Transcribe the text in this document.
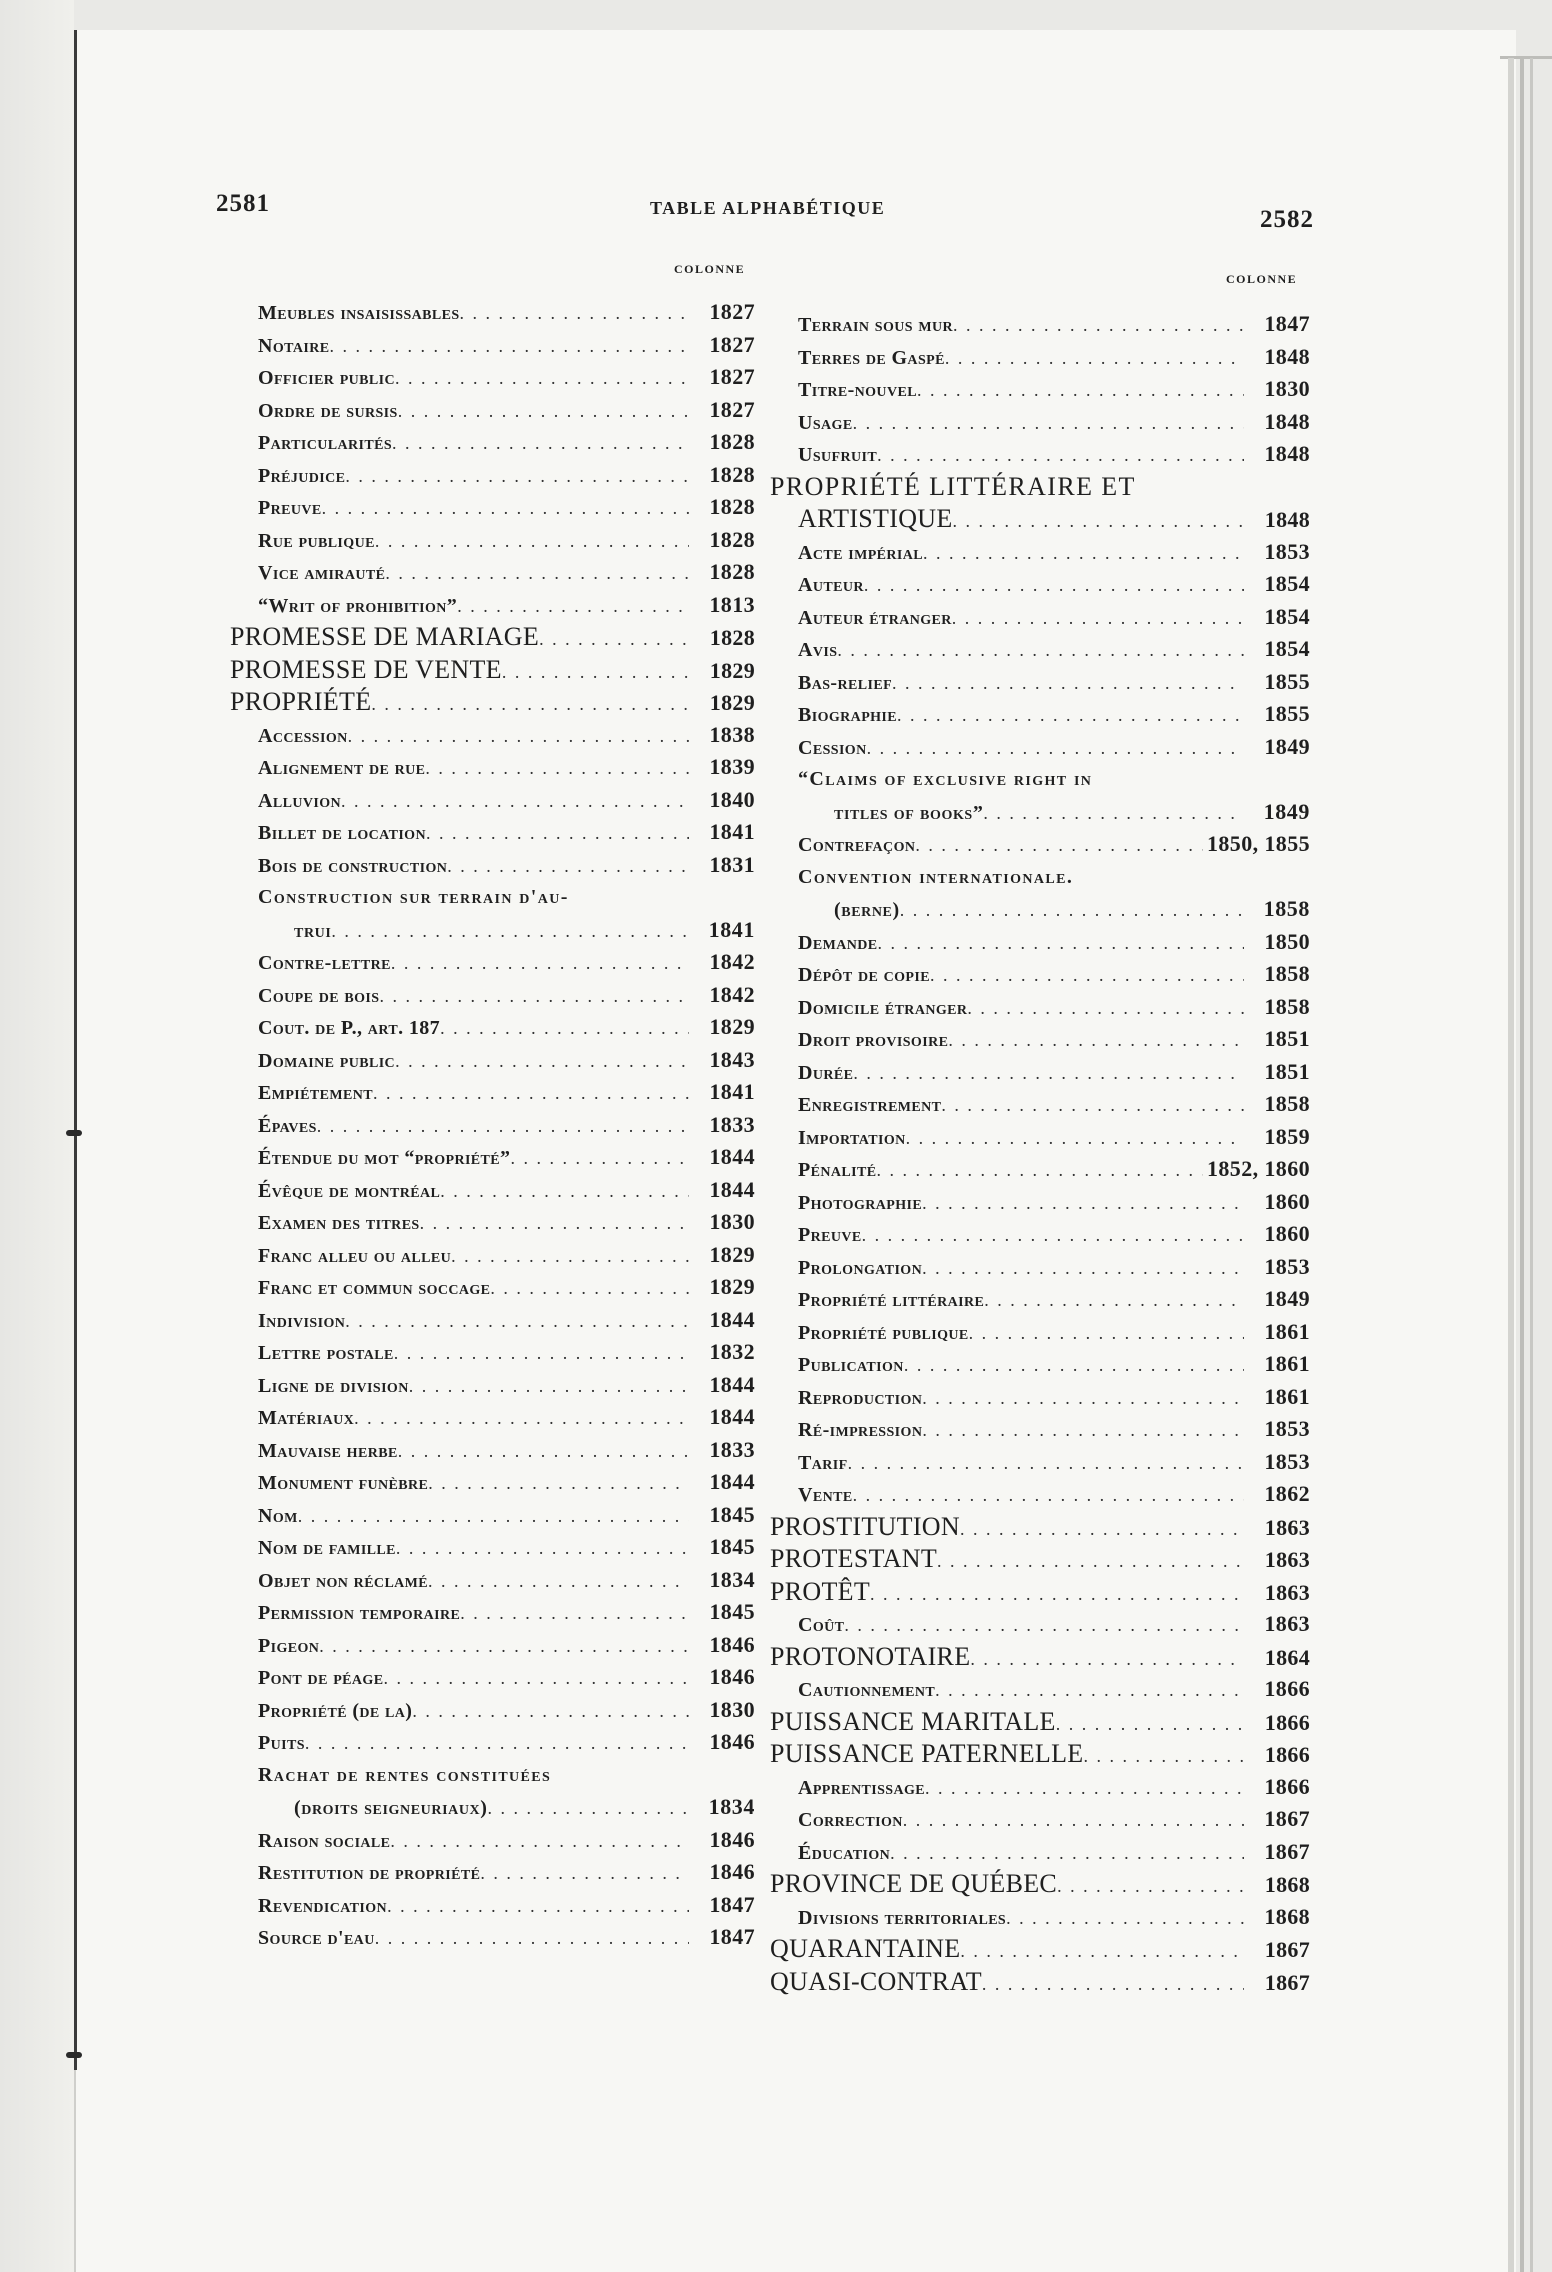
2581	TABLE ALPHABÉTIQUE	2582
COLONNE
COLONNE
Meubles insaisissables . . .	1827
Notaire . . .	1827
Officier public . . .	1827
Ordre de sursis . . .	1827
Particularités . . .	1828
Préjudice . . .	1828
Preuve . . .	1828
Rue publique . . .	1828
Vice amirauté . . .	1828
“Writ of prohibition” . . .	1813
PROMESSE DE MARIAGE . . .	1828
PROMESSE DE VENTE . . .	1829
PROPRIÉTÉ . . .	1829
Accession . . .	1838
Alignement de rue . . .	1839
Alluvion . . .	1840
Billet de location . . .	1841
Bois de construction . . .	1831
Construction sur terrain d'au-
trui . . .	1841
Contre-lettre . . .	1842
Coupe de bois . . .	1842
Cout. de P., art. 187 . . .	1829
Domaine public . . .	1843
Empiétement . . .	1841
Épaves . . .	1833
Étendue du mot “propriété” . . .	1844
Évêque de montréal . . .	1844
Examen des titres . . .	1830
Franc alleu ou alleu . . .	1829
Franc et commun soccage . . .	1829
Indivision . . .	1844
Lettre postale . . .	1832
Ligne de division . . .	1844
Matériaux . . .	1844
Mauvaise herbe . . .	1833
Monument funèbre . . .	1844
Nom . . .	1845
Nom de famille . . .	1845
Objet non réclamé . . .	1834
Permission temporaire . . .	1845
Pigeon . . .	1846
Pont de péage . . .	1846
Propriété (de la) . . .	1830
Puits . . .	1846
Rachat de rentes constituées
(droits seigneuriaux) . . .	1834
Raison sociale . . .	1846
Restitution de propriété . . .	1846
Revendication . . .	1847
Source d'eau . . .	1847
Terrain sous mur . . .	1847
Terres de Gaspé . . .	1848
Titre-nouvel . . .	1830
Usage . . .	1848
Usufruit . . .	1848
PROPRIÉTÉ LITTÉRAIRE ET
ARTISTIQUE . . .	1848
Acte impérial . . .	1853
Auteur . . .	1854
Auteur étranger . . .	1854
Avis . . .	1854
Bas-relief . . .	1855
Biographie . . .	1855
Cession . . .	1849
“Claims of exclusive right in
titles of books” . . .	1849
Contrefaçon . . .	1850, 1855
Convention internationale.
(berne) . . .	1858
Demande . . .	1850
Dépôt de copie . . .	1858
Domicile étranger . . .	1858
Droit provisoire . . .	1851
Durée . . .	1851
Enregistrement . . .	1858
Importation . . .	1859
Pénalité . . .	1852, 1860
Photographie . . .	1860
Preuve . . .	1860
Prolongation . . .	1853
Propriété littéraire . . .	1849
Propriété publique . . .	1861
Publication . . .	1861
Reproduction . . .	1861
Ré-impression . . .	1853
Tarif . . .	1853
Vente . . .	1862
PROSTITUTION . . .	1863
PROTESTANT . . .	1863
PROTÊT . . .	1863
Coût . . .	1863
PROTONOTAIRE . . .	1864
Cautionnement . . .	1866
PUISSANCE MARITALE . . .	1866
PUISSANCE PATERNELLE . . .	1866
Apprentissage . . .	1866
Correction . . .	1867
Éducation . . .	1867
PROVINCE DE QUÉBEC . . .	1868
Divisions territoriales . . .	1868
QUARANTAINE . . .	1867
QUASI-CONTRAT . . .	1867
